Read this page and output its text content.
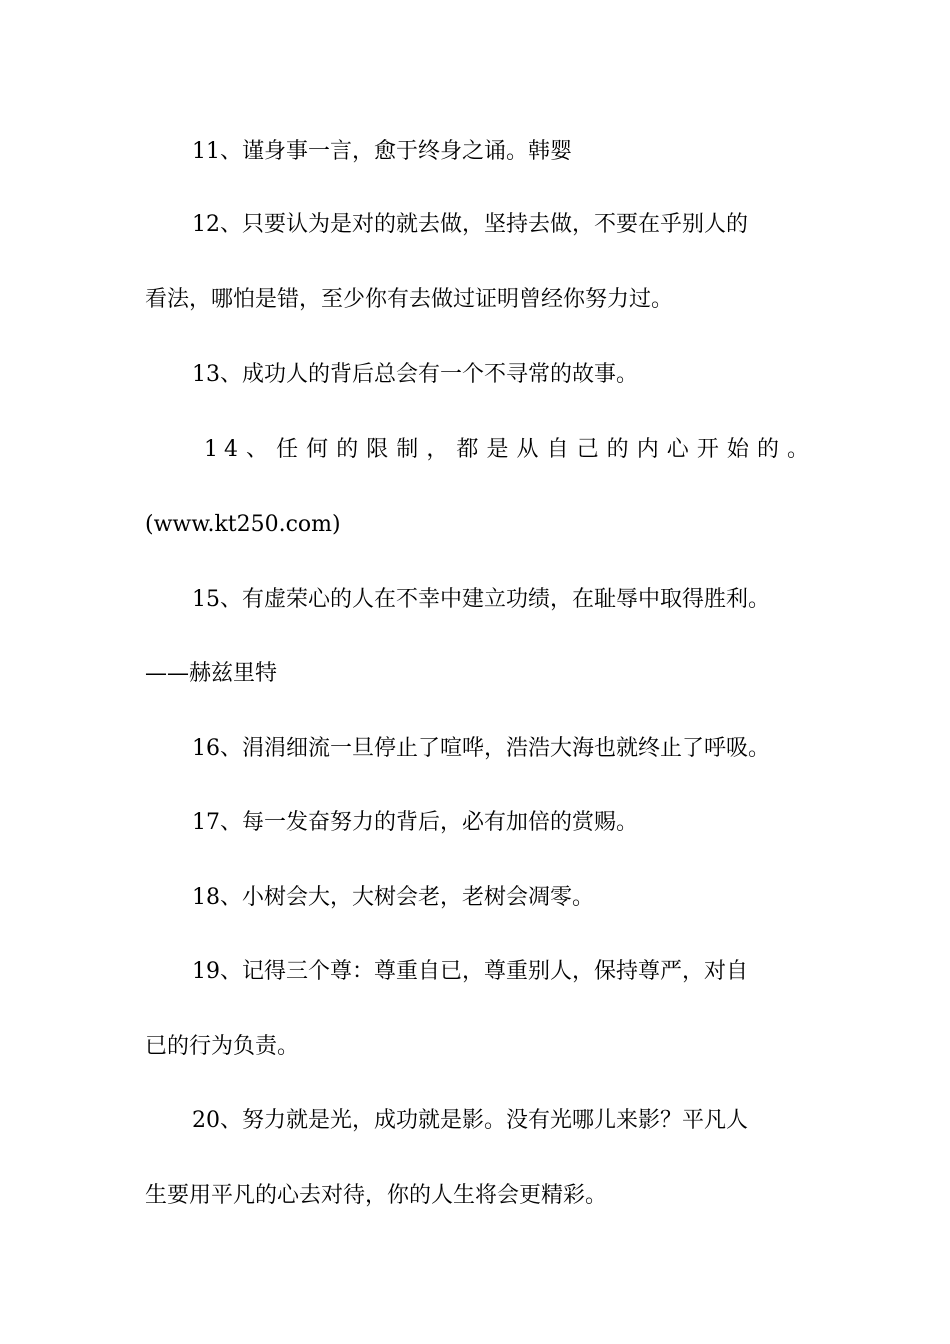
11、谨身事一言，愈于终身之诵。韩婴
12、只要认为是对的就去做，坚持去做，不要在乎别人的
看法，哪怕是错，至少你有去做过证明曾经你努力过。
13、成功人的背后总会有一个不寻常的故事。
14、任何的限制，都是从自己的内心开始的。
(www.kt250.com)
15、有虚荣心的人在不幸中建立功绩，在耻辱中取得胜利。
——赫兹里特
16、涓涓细流一旦停止了喧哗，浩浩大海也就终止了呼吸。
17、每一发奋努力的背后，必有加倍的赏赐。
18、小树会大，大树会老，老树会凋零。
19、记得三个尊：尊重自已，尊重别人，保持尊严，对自
已的行为负责。
20、努力就是光，成功就是影。没有光哪儿来影？平凡人
生要用平凡的心去对待，你的人生将会更精彩。
